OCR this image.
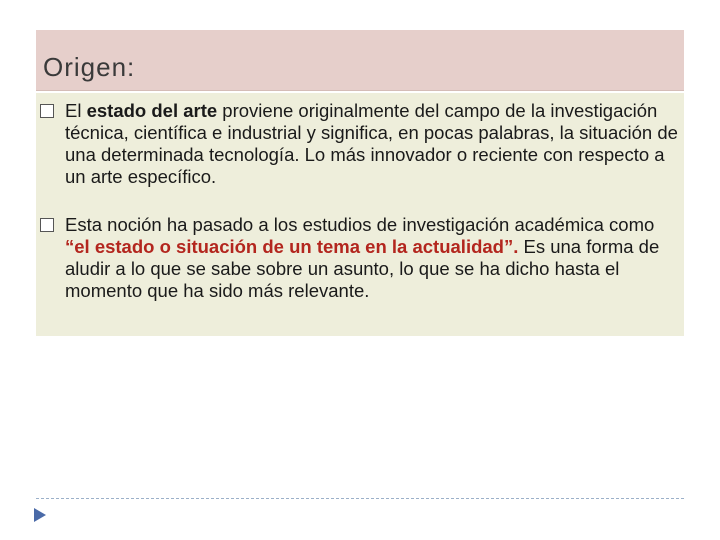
Origen:
El estado del arte proviene originalmente del campo de la investigación técnica, científica e industrial y significa, en pocas palabras, la situación de una determinada tecnología. Lo más innovador o reciente con respecto a un arte específico.
Esta noción ha pasado a los estudios de investigación académica como “el estado o situación de un tema en la actualidad”. Es una forma de aludir a lo que se sabe sobre un asunto, lo que se ha dicho hasta el momento que ha sido más relevante.
